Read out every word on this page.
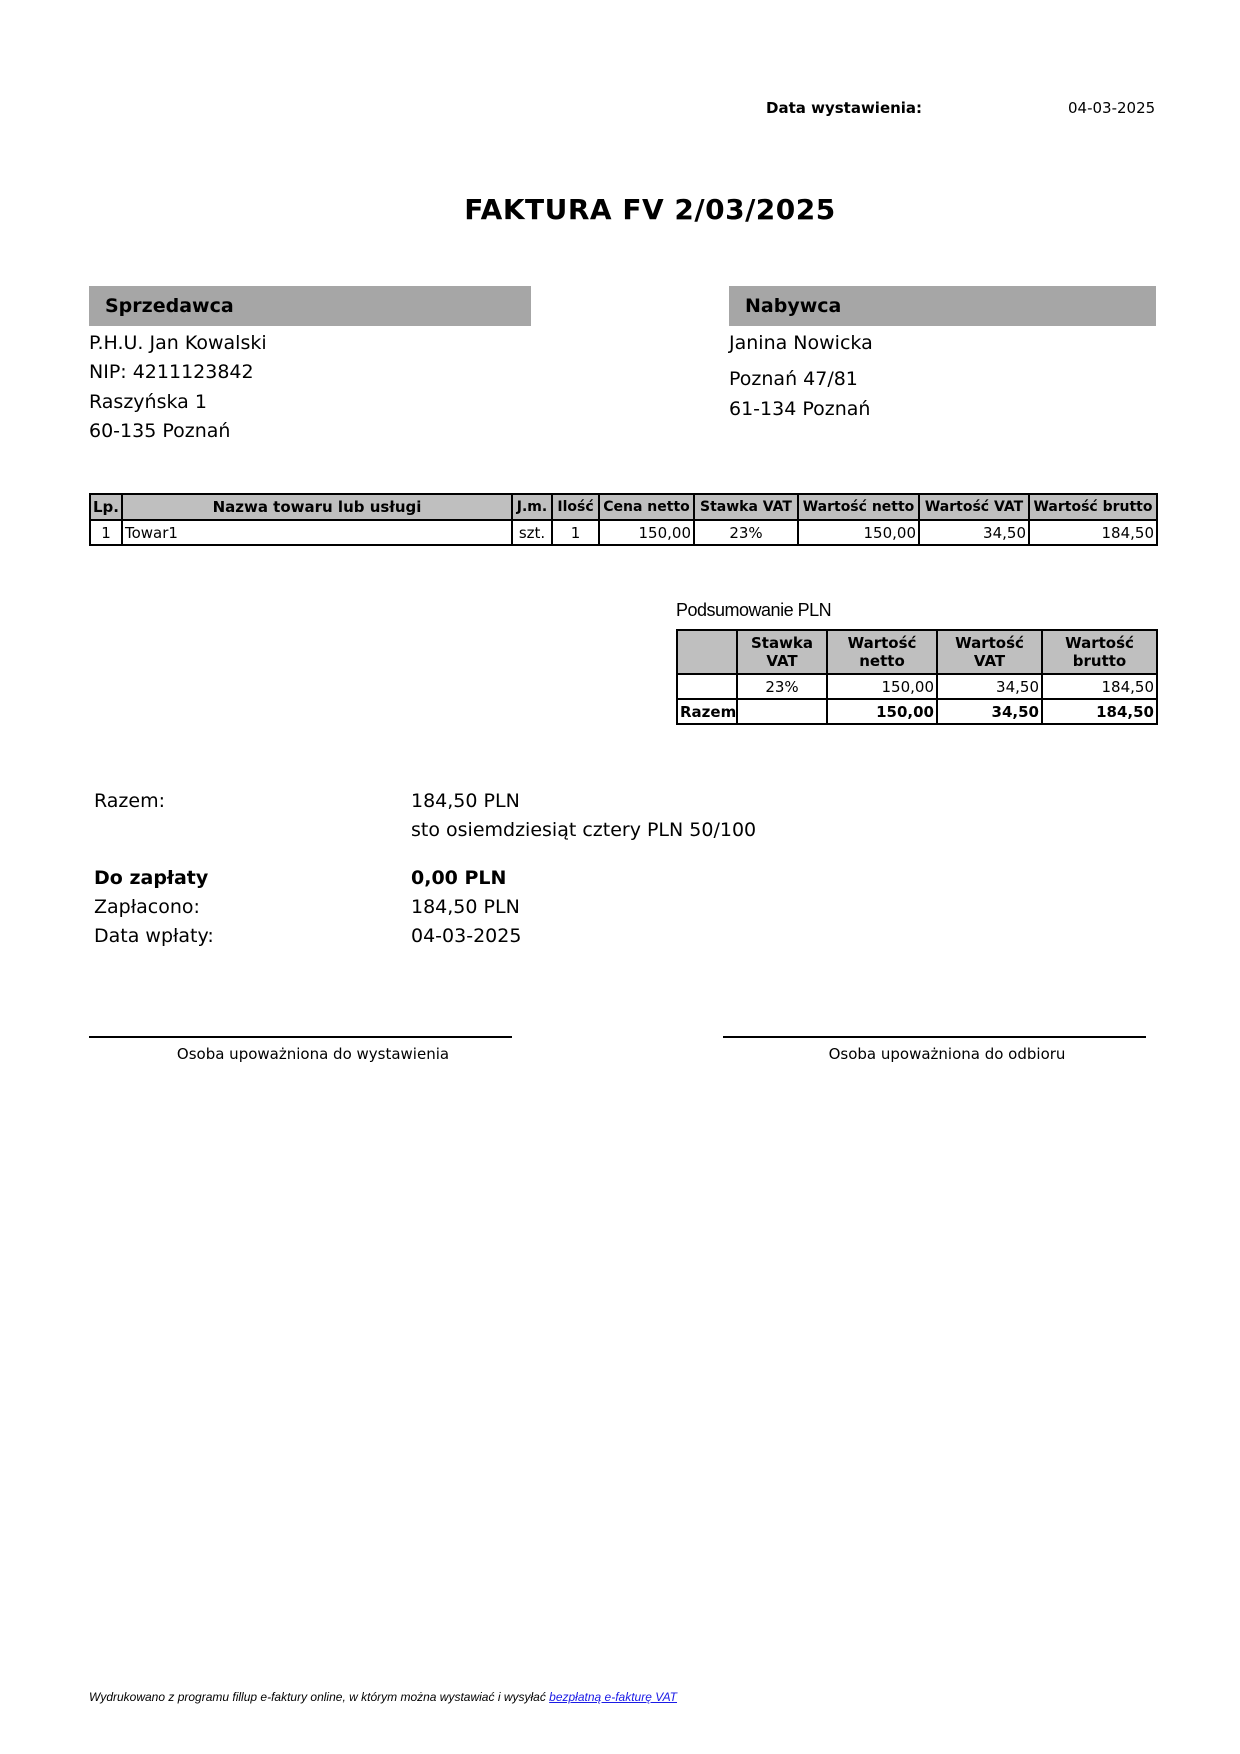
Data wystawienia:	04-03-2025
FAKTURA FV 2/03/2025
Sprzedawca
P.H.U. Jan Kowalski
NIP: 4211123842
Raszyńska 1
60-135 Poznań
Nabywca
Janina Nowicka
Poznań 47/81
61-134 Poznań
Lp.	Nazwa towaru lub usługi	J.m.	Ilość	Cena netto	Stawka VAT	Wartość netto	Wartość VAT	Wartość brutto
1	Towar1	szt.	1	150,00	23%	150,00	34,50	184,50
Podsumowanie PLN
	Stawka VAT	Wartość netto	Wartość VAT	Wartość brutto
	23%	150,00	34,50	184,50
Razem		150,00	34,50	184,50
Razem:	184,50 PLN
sto osiemdziesiąt cztery PLN 50/100
Do zapłaty	0,00 PLN
Zapłacono:	184,50 PLN
Data wpłaty:	04-03-2025
Osoba upoważniona do wystawienia	Osoba upoważniona do odbioru
Wydrukowano z programu fillup e-faktury online, w którym można wystawiać i wysyłać bezpłatną e-fakturę VAT
